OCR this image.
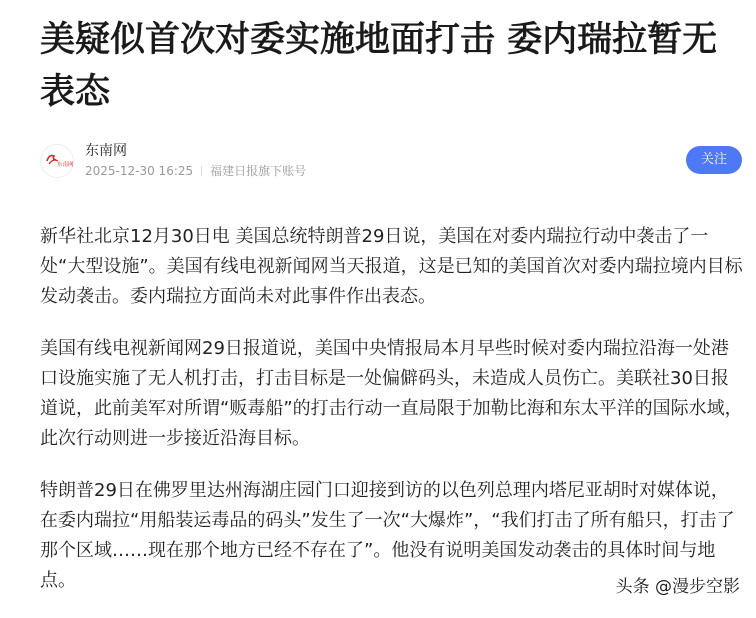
美疑似首次对委实施地面打击 委内瑞拉暂无表态
东南网
东南网
2025-12-30 16:25 福建日报旗下账号
关注

新华社北京12月30日电 美国总统特朗普29日说，美国在对委内瑞拉行动中袭击了一处“大型设施”。美国有线电视新闻网当天报道，这是已知的美国首次对委内瑞拉境内目标发动袭击。委内瑞拉方面尚未对此事件作出表态。

美国有线电视新闻网29日报道说，美国中央情报局本月早些时候对委内瑞拉沿海一处港口设施实施了无人机打击，打击目标是一处偏僻码头，未造成人员伤亡。美联社30日报道说，此前美军对所谓“贩毒船”的打击行动一直局限于加勒比海和东太平洋的国际水域，此次行动则进一步接近沿海目标。

特朗普29日在佛罗里达州海湖庄园门口迎接到访的以色列总理内塔尼亚胡时对媒体说，在委内瑞拉“用船装运毒品的码头”发生了一次“大爆炸”，“我们打击了所有船只，打击了那个区域……现在那个地方已经不存在了”。他没有说明美国发动袭击的具体时间与地点。	头条 @漫步空影
